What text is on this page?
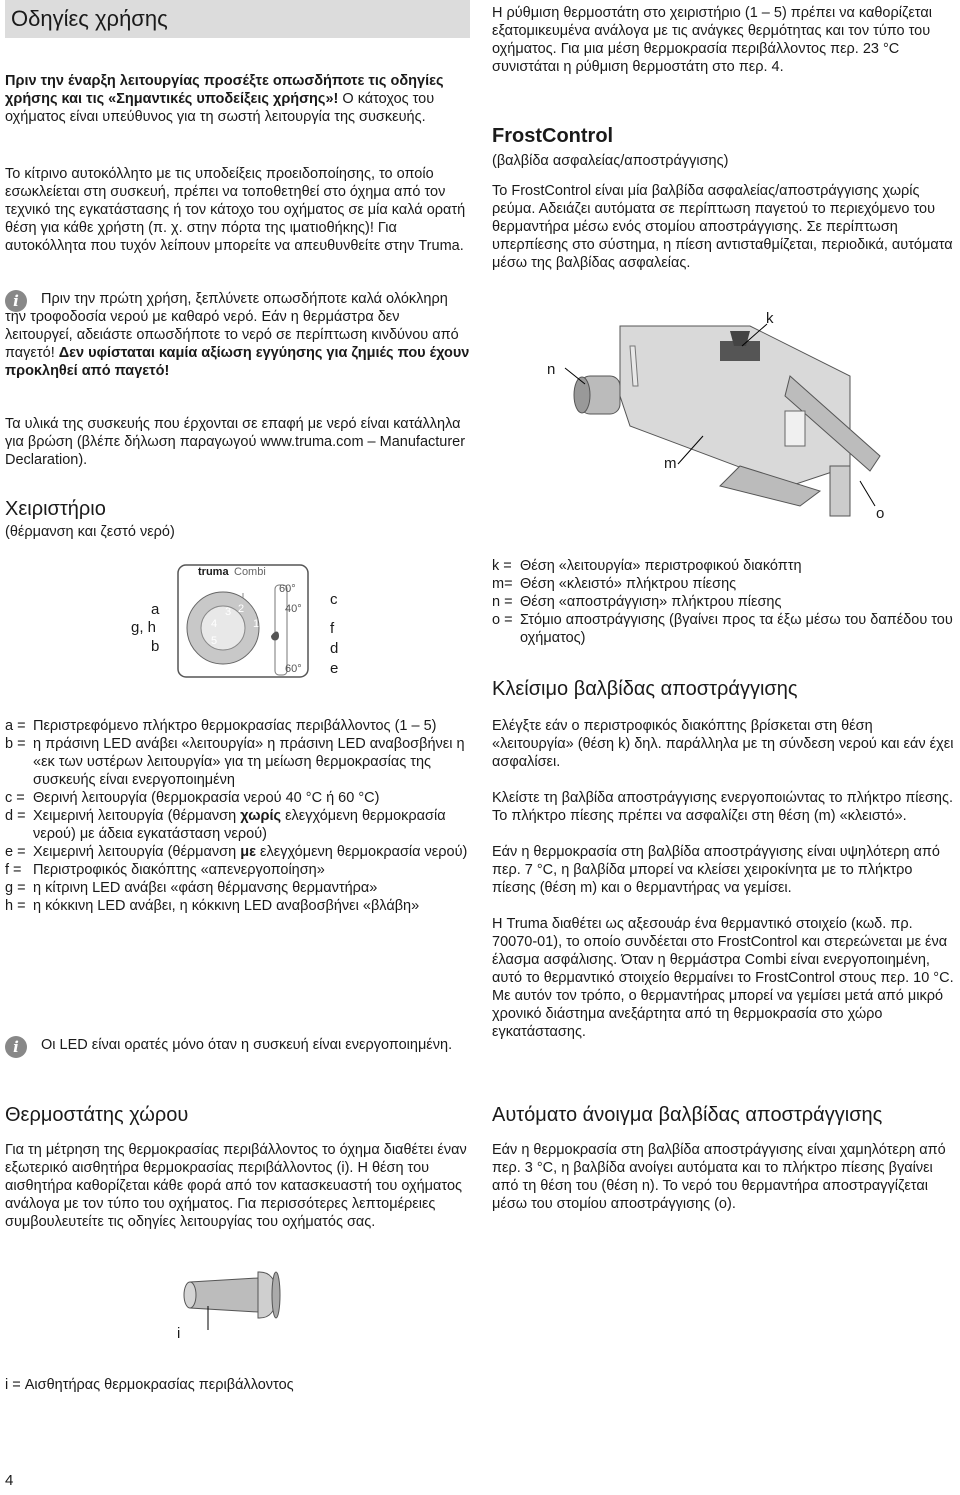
Οδηγίες χρήσης

Πριν την έναρξη λειτουργίας προσέξτε οπωσδήποτε τις οδηγίες χρήσης και τις «Σημαντικές υποδείξεις χρήσης»! Ο κάτοχος του οχήματος είναι υπεύθυνος για τη σωστή λειτουργία της συσκευής.

Το κίτρινο αυτοκόλλητο με τις υποδείξεις προειδοποίησης, το οποίο εσωκλείεται στη συσκευή, πρέπει να τοποθετηθεί στο όχημα από τον τεχνικό της εγκατάστασης ή τον κάτοχο του οχήματος σε μία καλά ορατή θέση για κάθε χρήστη (π. χ. στην πόρτα της ιματιοθήκης)! Για αυτοκόλλητα που τυχόν λείπουν μπορείτε να απευθυνθείτε στην Truma.

i	Πριν την πρώτη χρήση, ξεπλύνετε οπωσδήποτε καλά ολόκληρη την τροφοδοσία νερού με καθαρό νερό. Εάν η θερμάστρα δεν λειτουργεί, αδειάστε οπωσδήποτε το νερό σε περίπτωση κινδύνου από παγετό! Δεν υφίσταται καμία αξίωση εγγύησης για ζημιές που έχουν προκληθεί από παγετό!

Τα υλικά της συσκευής που έρχονται σε επαφή με νερό είναι κατάλληλα για βρώση (βλέπε δήλωση παραγωγού www.truma.com – Manufacturer Declaration).

Χειριστήριο

(θέρμανση και ζεστό νερό)

truma Combi
1
2
3
4
5
60°
40°
60°
a
g, h
b
c
f
d
e
a = Περιστρεφόμενο πλήκτρο θερμοκρασίας περιβάλλοντος (1 – 5)
b = η πράσινη LED ανάβει «λειτουργία» η πράσινη LED αναβοσβήνει η «εκ των υστέρων λειτουργία» για τη μείωση θερμοκρασίας της συσκευής είναι ενεργοποιημένη
c = Θερινή λειτουργία (θερμοκρασία νερού 40 °C ή 60 °C)
d = Χειμερινή λειτουργία (θέρμανση χωρίς ελεγχόμενη θερμοκρασία νερού) με άδεια εγκατάσταση νερού)
e = Χειμερινή λειτουργία (θέρμανση με ελεγχόμενη θερμοκρασία νερού)
f = Περιστροφικός διακόπτης «απενεργοποίηση»
g = η κίτρινη LED ανάβει «φάση θέρμανσης θερμαντήρα»
h = η κόκκινη LED ανάβει, η κόκκινη LED αναβοσβήνει «βλάβη»
i	Οι LED είναι ορατές μόνο όταν η συσκευή είναι ενεργοποιημένη.

Θερμοστάτης χώρου

Για τη μέτρηση της θερμοκρασίας περιβάλλοντος το όχημα διαθέτει έναν εξωτερικό αισθητήρα θερμοκρασίας περιβάλλοντος (i). Η θέση του αισθητήρα καθορίζεται κάθε φορά από τον κατασκευαστή του οχήματος ανάλογα με τον τύπο του οχήματος. Για περισσότερες λεπτομέρειες συμβουλευτείτε τις οδηγίες λειτουργίας του οχήματός σας.

i

i = Αισθητήρας θερμοκρασίας περιβάλλοντος

4

Η ρύθμιση θερμοστάτη στο χειριστήριο (1 – 5) πρέπει να καθορίζεται εξατομικευμένα ανάλογα με τις ανάγκες θερμότητας και τον τύπο του οχήματος. Για μια μέση θερμοκρασία περιβάλλοντος περ. 23 °C συνιστάται η ρύθμιση θερμοστάτη στο περ. 4.

FrostControl

(βαλβίδα ασφαλείας/αποστράγγισης)

Το FrostControl είναι μία βαλβίδα ασφαλείας/αποστράγγισης χωρίς ρεύμα. Αδειάζει αυτόματα σε περίπτωση παγετού το περιεχόμενο του θερμαντήρα μέσω ενός στομίου αποστράγγισης. Σε περίπτωση υπερπίεσης στο σύστημα, η πίεση αντισταθμίζεται, περιοδικά, αυτόματα μέσω της βαλβίδας ασφαλείας.

k
n
m
o
k = Θέση «λειτουργία» περιστροφικού διακόπτη
m= Θέση «κλειστό» πλήκτρου πίεσης
n = Θέση «αποστράγγιση» πλήκτρου πίεσης
o = Στόμιο αποστράγγισης (βγαίνει προς τα έξω μέσω του δαπέδου του οχήματος)
Κλείσιμο βαλβίδας αποστράγγισης

Ελέγξτε εάν ο περιστροφικός διακόπτης βρίσκεται στη θέση «λειτουργία» (θέση k) δηλ. παράλληλα με τη σύνδεση νερού και εάν έχει ασφαλίσει.

Κλείστε τη βαλβίδα αποστράγγισης ενεργοποιώντας το πλήκτρο πίεσης. Το πλήκτρο πίεσης πρέπει να ασφαλίζει στη θέση (m) «κλειστό».

Εάν η θερμοκρασία στη βαλβίδα αποστράγγισης είναι υψηλότερη από περ. 7 °C, η βαλβίδα μπορεί να κλείσει χειροκίνητα με το πλήκτρο πίεσης (θέση m) και ο θερμαντήρας να γεμίσει.

Η Truma διαθέτει ως αξεσουάρ ένα θερμαντικό στοιχείο (κωδ. πρ. 70070-01), το οποίο συνδέεται στο FrostControl και στερεώνεται με ένα έλασμα ασφάλισης. Όταν η θερμάστρα Combi είναι ενεργοποιημένη, αυτό το θερμαντικό στοιχείο θερμαίνει το FrostControl στους περ. 10 °C. Με αυτόν τον τρόπο, ο θερμαντήρας μπορεί να γεμίσει μετά από μικρό χρονικό διάστημα ανεξάρτητα από τη θερμοκρασία στο χώρο εγκατάστασης.

Αυτόματο άνοιγμα βαλβίδας αποστράγγισης

Εάν η θερμοκρασία στη βαλβίδα αποστράγγισης είναι χαμηλότερη από περ. 3 °C, η βαλβίδα ανοίγει αυτόματα και το πλήκτρο πίεσης βγαίνει από τη θέση του (θέση n). Το νερό του θερμαντήρα αποστραγγίζεται μέσω του στομίου αποστράγγισης (o).
